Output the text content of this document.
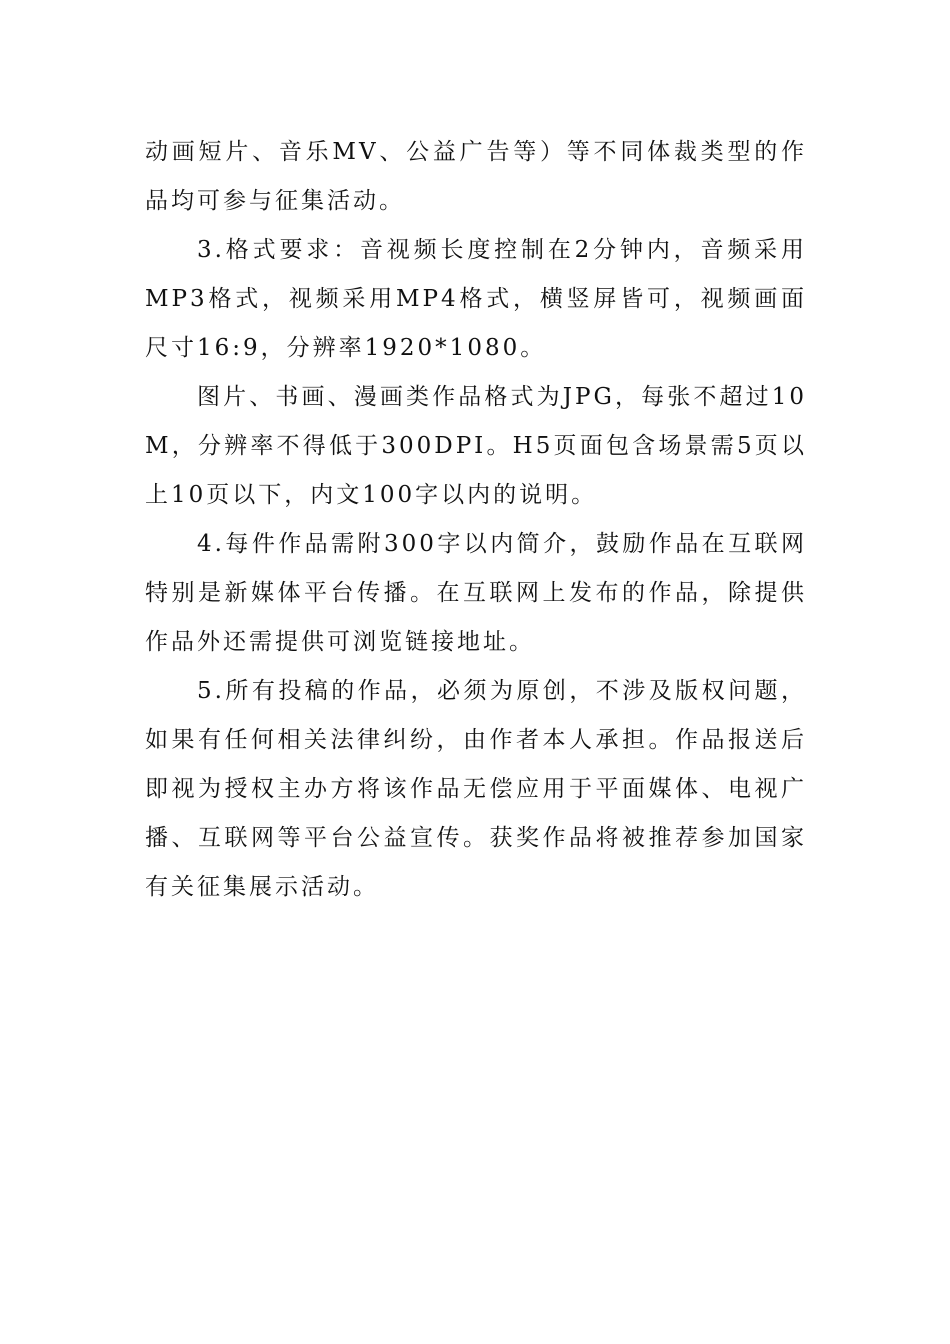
动画短片、音乐MV、公益广告等）等不同体裁类型的作品均可参与征集活动。

3.格式要求：音视频长度控制在2分钟内，音频采用MP3格式，视频采用MP4格式，横竖屏皆可，视频画面尺寸16:9，分辨率1920*1080。

图片、书画、漫画类作品格式为JPG，每张不超过10M，分辨率不得低于300DPI。H5页面包含场景需5页以上10页以下，内文100字以内的说明。

4.每件作品需附300字以内简介，鼓励作品在互联网特别是新媒体平台传播。在互联网上发布的作品，除提供作品外还需提供可浏览链接地址。

5.所有投稿的作品，必须为原创，不涉及版权问题，如果有任何相关法律纠纷，由作者本人承担。作品报送后即视为授权主办方将该作品无偿应用于平面媒体、电视广播、互联网等平台公益宣传。获奖作品将被推荐参加国家有关征集展示活动。
